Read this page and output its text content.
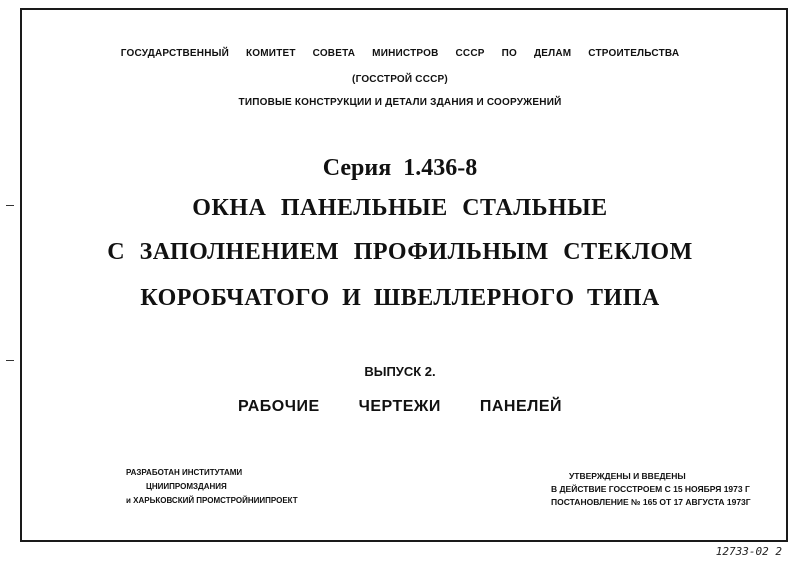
ГОСУДАРСТВЕННЫЙ КОМИТЕТ СОВЕТА МИНИСТРОВ СССР ПО ДЕЛАМ СТРОИТЕЛЬСТВА
(ГОССТРОЙ СССР)
ТИПОВЫЕ КОНСТРУКЦИИ И ДЕТАЛИ ЗДАНИЯ И СООРУЖЕНИЙ
Серия 1.436-8
ОКНА ПАНЕЛЬНЫЕ СТАЛЬНЫЕ
С ЗАПОЛНЕНИЕМ ПРОФИЛЬНЫМ СТЕКЛОМ
КОРОБЧАТОГО И ШВЕЛЛЕРНОГО ТИПА
ВЫПУСК 2.
РАБОЧИЕ ЧЕРТЕЖИ ПАНЕЛЕЙ
РАЗРАБОТАН ИНСТИТУТАМИ
ЦНИИПРОМЗДАНИЯ
и ХАРЬКОВСКИЙ ПРОМСТРОЙНИИПРОЕКТ
УТВЕРЖДЕНЫ И ВВЕДЕНЫ
В ДЕЙСТВИЕ ГОССТРОЕМ С 15 НОЯБРЯ 1973 Г
ПОСТАНОВЛЕНИЕ № 165 ОТ 17 АВГУСТА 1973Г
12733-02 2
